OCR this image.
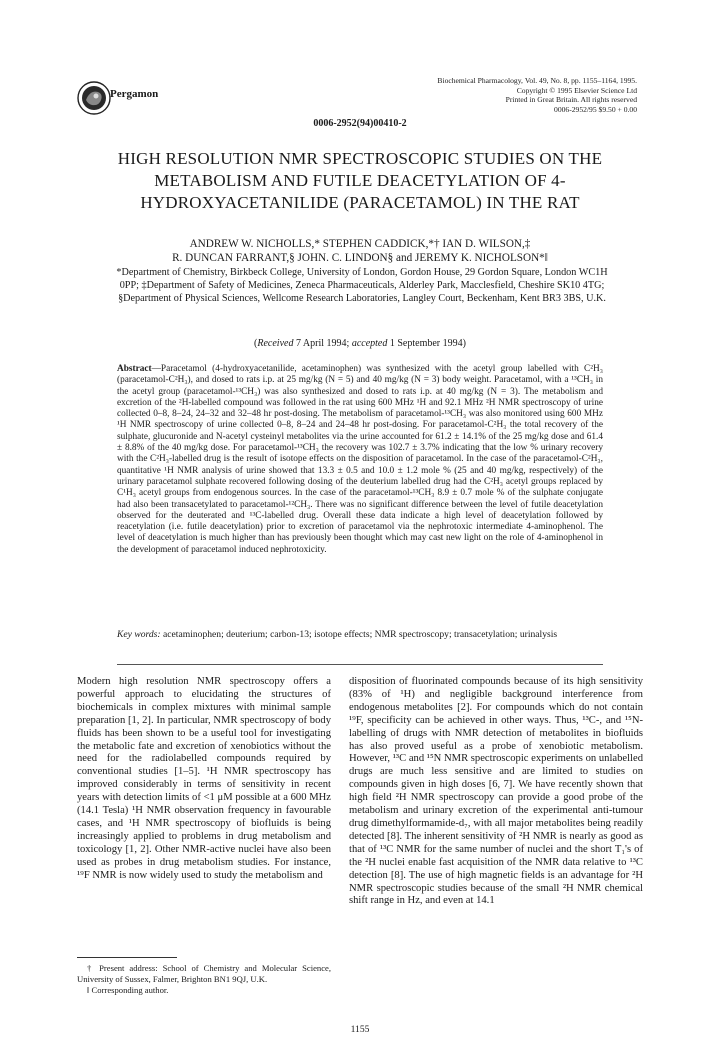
Pergamon
Biochemical Pharmacology, Vol. 49, No. 8, pp. 1155–1164, 1995.
Copyright © 1995 Elsevier Science Ltd
Printed in Great Britain. All rights reserved
0006-2952/95 $9.50 + 0.00
0006-2952(94)00410-2
HIGH RESOLUTION NMR SPECTROSCOPIC STUDIES ON THE METABOLISM AND FUTILE DEACETYLATION OF 4-HYDROXYACETANILIDE (PARACETAMOL) IN THE RAT
ANDREW W. NICHOLLS,* STEPHEN CADDICK,*† IAN D. WILSON,‡
R. DUNCAN FARRANT,§ JOHN. C. LINDON§ and JEREMY K. NICHOLSON*‖
*Department of Chemistry, Birkbeck College, University of London, Gordon House, 29 Gordon Square, London WC1H 0PP; ‡Department of Safety of Medicines, Zeneca Pharmaceuticals, Alderley Park, Macclesfield, Cheshire SK10 4TG; §Department of Physical Sciences, Wellcome Research Laboratories, Langley Court, Beckenham, Kent BR3 3BS, U.K.
(Received 7 April 1994; accepted 1 September 1994)
Abstract—Paracetamol (4-hydroxyacetanilide, acetaminophen) was synthesized with the acetyl group labelled with C²H₃ (paracetamol-C²H₃), and dosed to rats i.p. at 25 mg/kg (N = 5) and 40 mg/kg (N = 3) body weight. Paracetamol, with a ¹³CH₃ in the acetyl group (paracetamol-¹³CH₃) was also synthesized and dosed to rats i.p. at 40 mg/kg (N = 3). The metabolism and excretion of the ²H-labelled compound was followed in the rat using 600 MHz ¹H and 92.1 MHz ²H NMR spectroscopy of urine collected 0–8, 8–24, 24–32 and 32–48 hr post-dosing. The metabolism of paracetamol-¹³CH₃ was also monitored using 600 MHz ¹H NMR spectroscopy of urine collected 0–8, 8–24 and 24–48 hr post-dosing. For paracetamol-C²H₃ the total recovery of the sulphate, glucuronide and N-acetyl cysteinyl metabolites via the urine accounted for 61.2 ± 14.1% of the 25 mg/kg dose and 61.4 ± 8.8% of the 40 mg/kg dose. For paracetamol-¹³CH₃ the recovery was 102.7 ± 3.7% indicating that the low % urinary recovery with the C²H₃-labelled drug is the result of isotope effects on the disposition of paracetamol. In the case of the paracetamol-C²H₃, quantitative ¹H NMR analysis of urine showed that 13.3 ± 0.5 and 10.0 ± 1.2 mole % (25 and 40 mg/kg, respectively) of the urinary paracetamol sulphate recovered following dosing of the deuterium labelled drug had the C²H₃ acetyl groups replaced by C¹H₃ acetyl groups from endogenous sources. In the case of the paracetamol-¹³CH₃ 8.9 ± 0.7 mole % of the sulphate conjugate had also been transacetylated to paracetamol-¹²CH₃. There was no significant difference between the level of futile deacetylation observed for the deuterated and ¹³C-labelled drug. Overall these data indicate a high level of deacetylation followed by reacetylation (i.e. futile deacetylation) prior to excretion of paracetamol via the nephrotoxic intermediate 4-aminophenol. The level of deacetylation is much higher than has previously been thought which may cast new light on the role of 4-aminophenol in the development of paracetamol induced nephrotoxicity.
Key words: acetaminophen; deuterium; carbon-13; isotope effects; NMR spectroscopy; transacetylation; urinalysis
Modern high resolution NMR spectroscopy offers a powerful approach to elucidating the structures of biochemicals in complex mixtures with minimal sample preparation [1, 2]. In particular, NMR spectroscopy of body fluids has been shown to be a useful tool for investigating the metabolic fate and excretion of xenobiotics without the need for the radiolabelled compounds required by conventional studies [1–5]. ¹H NMR spectroscopy has improved considerably in terms of sensitivity in recent years with detection limits of <1 μM possible at a 600 MHz (14.1 Tesla) ¹H NMR observation frequency in favourable cases, and ¹H NMR spectroscopy of biofluids is being increasingly applied to problems in drug metabolism and toxicology [1, 2]. Other NMR-active nuclei have also been used as probes in drug metabolism studies. For instance, ¹⁹F NMR is now widely used to study the metabolism and
disposition of fluorinated compounds because of its high sensitivity (83% of ¹H) and negligible background interference from endogenous metabolites [2]. For compounds which do not contain ¹⁹F, specificity can be achieved in other ways. Thus, ¹³C-, and ¹⁵N-labelling of drugs with NMR detection of metabolites in biofluids has also proved useful as a probe of xenobiotic metabolism. However, ¹³C and ¹⁵N NMR spectroscopic experiments on unlabelled drugs are much less sensitive and are limited to studies on compounds given in high doses [6, 7]. We have recently shown that high field ²H NMR spectroscopy can provide a good probe of the metabolism and urinary excretion of the experimental anti-tumour drug dimethylformamide-d₇, with all major metabolites being readily detected [8]. The inherent sensitivity of ²H NMR is nearly as good as that of ¹³C NMR for the same number of nuclei and the short T₁'s of the ²H nuclei enable fast acquisition of the NMR data relative to ¹³C detection [8]. The use of high magnetic fields is an advantage for ²H NMR spectroscopic studies because of the small ²H NMR chemical shift range in Hz, and even at 14.1

† Present address: School of Chemistry and Molecular Science, University of Sussex, Falmer, Brighton BN1 9QJ, U.K.

‖ Corresponding author.

1155
